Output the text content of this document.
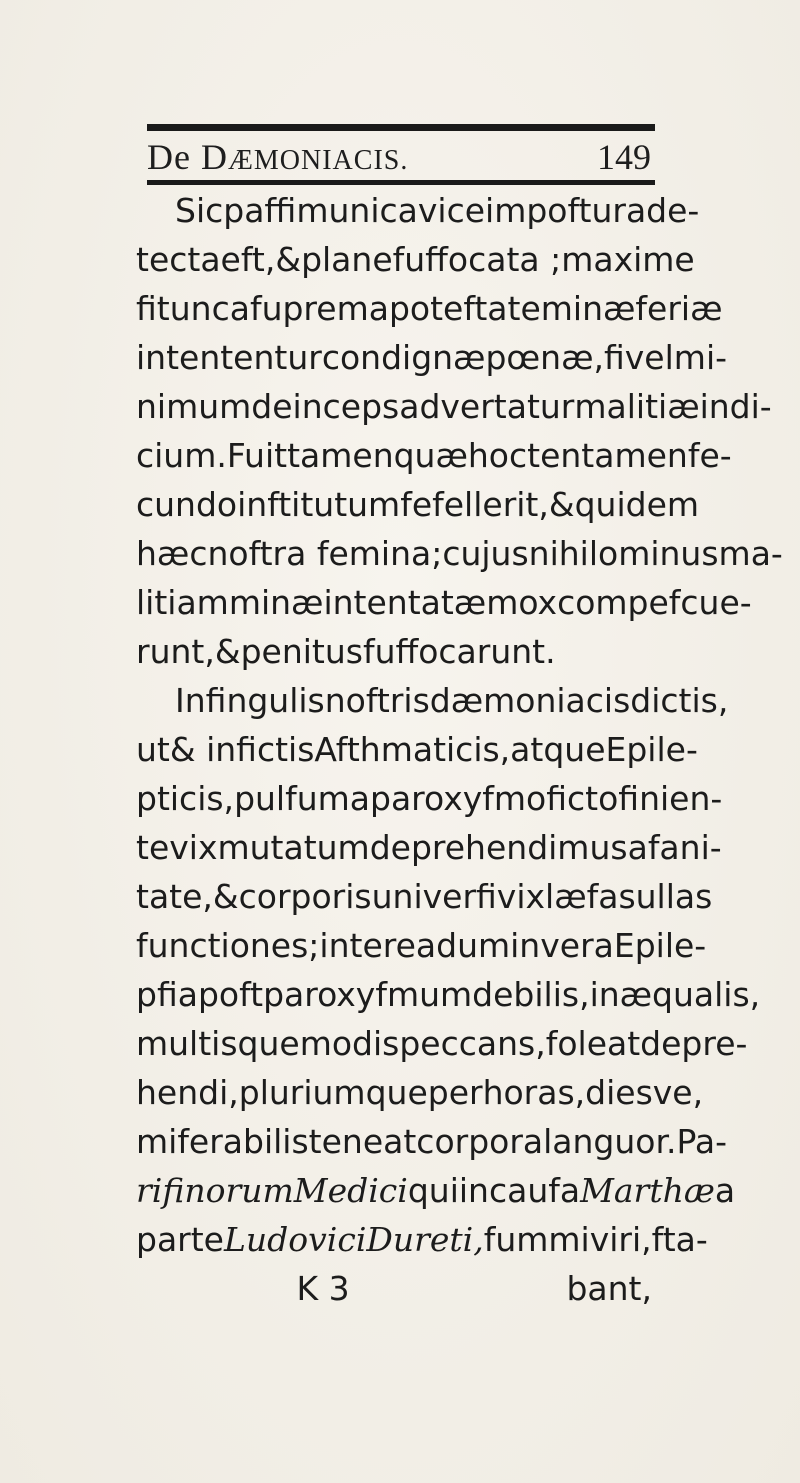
De DÆMONIACIS.	149
Sic paffim unica vice impoftura de-
tecta eft, & plane fuffocata ; maxime
fi tunc a fuprema poteftate minæ feriæ
intententur condignæ pœnæ, fi vel mi-
nimum deinceps advertatur malitiæ indi-
cium. Fuit tamen quæ hoc tentamen fe-
cundo inftitutum fefellerit, & quidem
hæc noftra femina; cujus nihilominus ma-
litiam minæ intentatæ mox compefcue-
runt, & penitus fuffocarunt.
In fingulis noftris dæmoniacis dictis,
ut & in fictis Afthmaticis, atque Epile-
pticis, pulfum a paroxyfmo ficto finien-
te vix mutatum deprehendimus a fani-
tate, & corporis univerfi vix læfas ullas
functiones; interea dum in vera Epile-
pfia poft paroxyfmum debilis, inæqualis,
multisque modis peccans, foleat depre-
hendi, pluriumque per horas, diesve,
miferabilis teneat corpora languor. Pa-
rifinorum Medici qui in caufa Marthæ a
parte Ludovici Dureti, fummi viri, fta-
K 3	bant,
